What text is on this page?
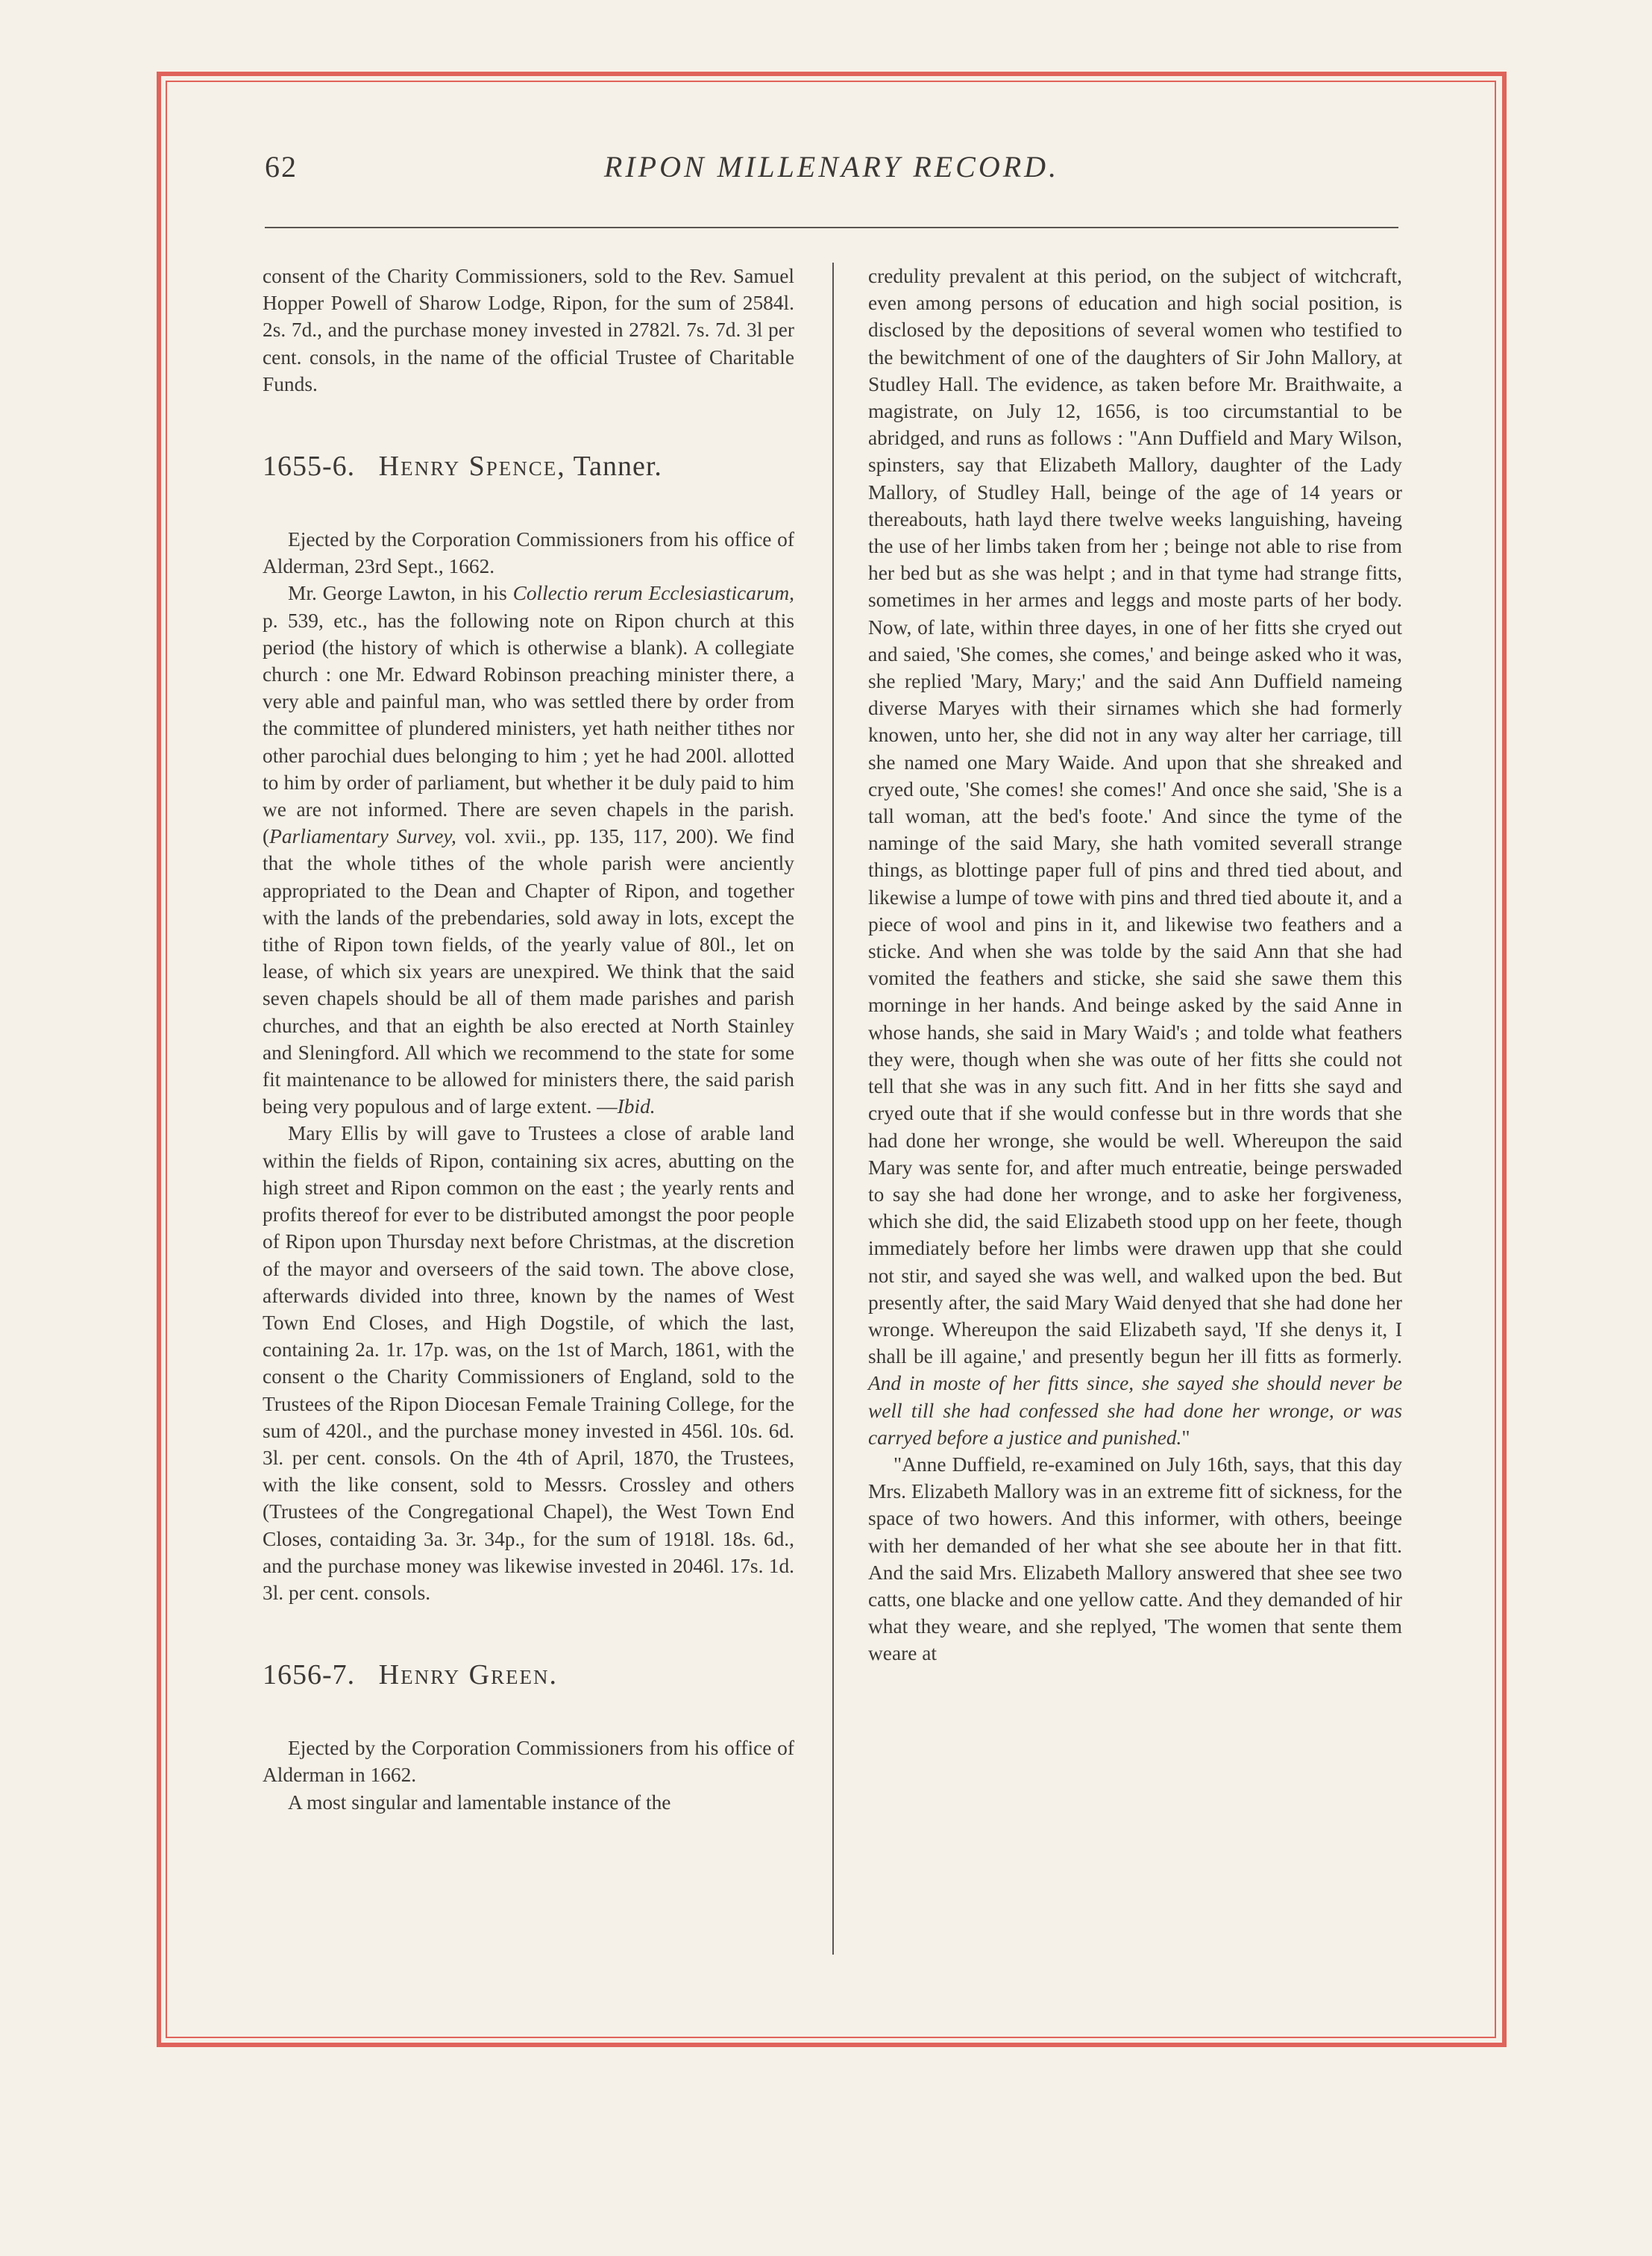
62	RIPON MILLENARY RECORD.

consent of the Charity Commissioners, sold to the Rev. Samuel Hopper Powell of Sharow Lodge, Ripon, for the sum of 2584l. 2s. 7d., and the purchase money invested in 2782l. 7s. 7d. 3l per cent. consols, in the name of the official Trustee of Charitable Funds.

1655-6. Henry Spence, Tanner.

Ejected by the Corporation Commissioners from his office of Alderman, 23rd Sept., 1662.

Mr. George Lawton, in his Collectio rerum Ecclesiasticarum, p. 539, etc., has the following note on Ripon church at this period (the history of which is otherwise a blank). A collegiate church : one Mr. Edward Robinson preaching minister there, a very able and painful man, who was settled there by order from the committee of plundered ministers, yet hath neither tithes nor other parochial dues belonging to him ; yet he had 200l. allotted to him by order of parliament, but whether it be duly paid to him we are not informed. There are seven chapels in the parish. (Parliamentary Survey, vol. xvii., pp. 135, 117, 200). We find that the whole tithes of the whole parish were anciently appropriated to the Dean and Chapter of Ripon, and together with the lands of the prebendaries, sold away in lots, except the tithe of Ripon town fields, of the yearly value of 80l., let on lease, of which six years are unexpired. We think that the said seven chapels should be all of them made parishes and parish churches, and that an eighth be also erected at North Stainley and Sleningford. All which we recommend to the state for some fit maintenance to be allowed for ministers there, the said parish being very populous and of large extent. —Ibid.

Mary Ellis by will gave to Trustees a close of arable land within the fields of Ripon, containing six acres, abutting on the high street and Ripon common on the east ; the yearly rents and profits thereof for ever to be distributed amongst the poor people of Ripon upon Thursday next before Christmas, at the discretion of the mayor and overseers of the said town. The above close, afterwards divided into three, known by the names of West Town End Closes, and High Dogstile, of which the last, containing 2a. 1r. 17p. was, on the 1st of March, 1861, with the consent o the Charity Commissioners of England, sold to the Trustees of the Ripon Diocesan Female Training College, for the sum of 420l., and the purchase money invested in 456l. 10s. 6d. 3l. per cent. consols. On the 4th of April, 1870, the Trustees, with the like consent, sold to Messrs. Crossley and others (Trustees of the Congregational Chapel), the West Town End Closes, contaiding 3a. 3r. 34p., for the sum of 1918l. 18s. 6d., and the purchase money was likewise invested in 2046l. 17s. 1d. 3l. per cent. consols.

1656-7. Henry Green.

Ejected by the Corporation Commissioners from his office of Alderman in 1662.

A most singular and lamentable instance of the

credulity prevalent at this period, on the subject of witchcraft, even among persons of education and high social position, is disclosed by the depositions of several women who testified to the bewitchment of one of the daughters of Sir John Mallory, at Studley Hall. The evidence, as taken before Mr. Braithwaite, a magistrate, on July 12, 1656, is too circumstantial to be abridged, and runs as follows : "Ann Duffield and Mary Wilson, spinsters, say that Elizabeth Mallory, daughter of the Lady Mallory, of Studley Hall, beinge of the age of 14 years or thereabouts, hath layd there twelve weeks languishing, haveing the use of her limbs taken from her ; beinge not able to rise from her bed but as she was helpt ; and in that tyme had strange fitts, sometimes in her armes and leggs and moste parts of her body. Now, of late, within three dayes, in one of her fitts she cryed out and saied, 'She comes, she comes,' and beinge asked who it was, she replied 'Mary, Mary;' and the said Ann Duffield nameing diverse Maryes with their sirnames which she had formerly knowen, unto her, she did not in any way alter her carriage, till she named one Mary Waide. And upon that she shreaked and cryed oute, 'She comes! she comes!' And once she said, 'She is a tall woman, att the bed's foote.' And since the tyme of the naminge of the said Mary, she hath vomited severall strange things, as blottinge paper full of pins and thred tied about, and likewise a lumpe of towe with pins and thred tied aboute it, and a piece of wool and pins in it, and likewise two feathers and a sticke. And when she was tolde by the said Ann that she had vomited the feathers and sticke, she said she sawe them this morninge in her hands. And beinge asked by the said Anne in whose hands, she said in Mary Waid's ; and tolde what feathers they were, though when she was oute of her fitts she could not tell that she was in any such fitt. And in her fitts she sayd and cryed oute that if she would confesse but in thre words that she had done her wronge, she would be well. Whereupon the said Mary was sente for, and after much entreatie, beinge perswaded to say she had done her wronge, and to aske her forgiveness, which she did, the said Elizabeth stood upp on her feete, though immediately before her limbs were drawen upp that she could not stir, and sayed she was well, and walked upon the bed. But presently after, the said Mary Waid denyed that she had done her wronge. Whereupon the said Elizabeth sayd, 'If she denys it, I shall be ill againe,' and presently begun her ill fitts as formerly. And in moste of her fitts since, she sayed she should never be well till she had confessed she had done her wronge, or was carryed before a justice and punished."

"Anne Duffield, re-examined on July 16th, says, that this day Mrs. Elizabeth Mallory was in an extreme fitt of sickness, for the space of two howers. And this informer, with others, beeinge with her demanded of her what she see aboute her in that fitt. And the said Mrs. Elizabeth Mallory answered that shee see two catts, one blacke and one yellow catte. And they demanded of hir what they weare, and she replyed, 'The women that sente them weare at
